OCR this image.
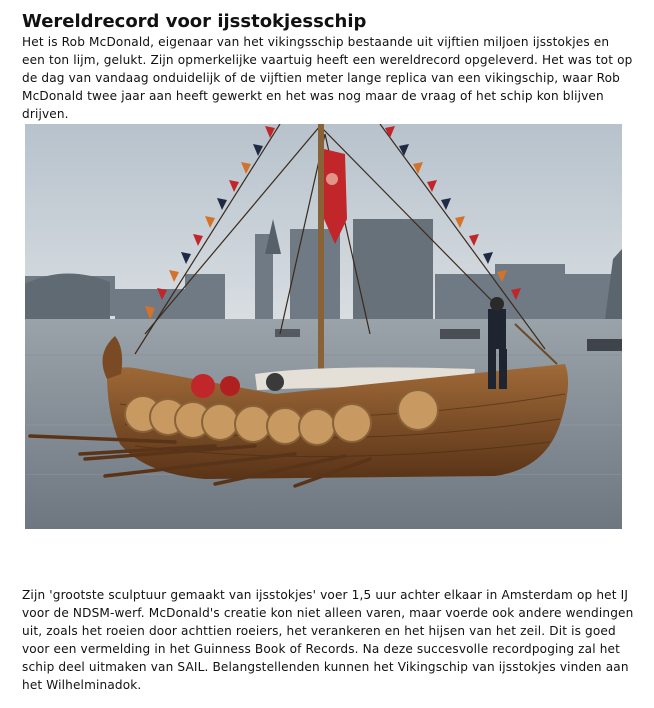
Wereldrecord voor ijsstokjesschip

Het is Rob McDonald, eigenaar van het vikingsschip bestaande uit vijftien miljoen ijsstokjes en een ton lijm, gelukt. Zijn opmerkelijke vaartuig heeft een wereldrecord opgeleverd. Het was tot op de dag van vandaag onduidelijk of de vijftien meter lange replica van een vikingschip, waar Rob McDonald twee jaar aan heeft gewerkt en het was nog maar de vraag of het schip kon blijven drijven.

Zijn 'grootste sculptuur gemaakt van ijsstokjes' voer 1,5 uur achter elkaar in Amsterdam op het IJ voor de NDSM-werf. McDonald's creatie kon niet alleen varen, maar voerde ook andere wendingen uit, zoals het roeien door achttien roeiers, het verankeren en het hijsen van het zeil. Dit is goed voor een vermelding in het Guinness Book of Records. Na deze succesvolle recordpoging zal het schip deel uitmaken van SAIL. Belangstellenden kunnen het Vikingschip van ijsstokjes vinden aan het Wilhelminadok.
